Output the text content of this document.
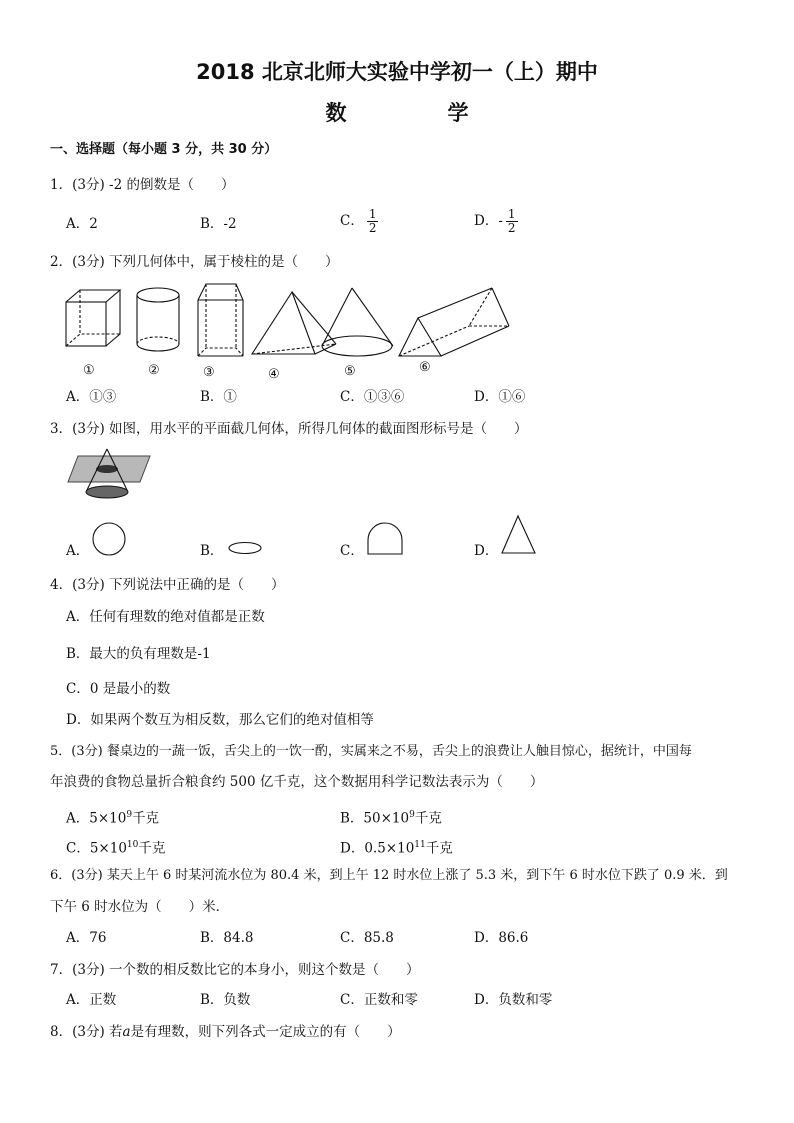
2018 北京北师大实验中学初一（上）期中
数　学
一、选择题（每小题 3 分，共 30 分）
1．(3分) -2 的倒数是（　　）
A．2	B．-2	C． $\frac{1}{2}$	D．- $\frac{1}{2}$
2．(3分) 下列几何体中，属于棱柱的是（　　）
①	②	③	④	⑤	⑥
A．①③	B．①	C．①③⑥	D．①⑥
3．(3分) 如图，用水平的平面截几何体，所得几何体的截面图形标号是（　　）
A．	B．	C．	D．
4．(3分) 下列说法中正确的是（　　）
A．任何有理数的绝对值都是正数
B．最大的负有理数是-1
C．0 是最小的数
D．如果两个数互为相反数，那么它们的绝对值相等
5．(3分) 餐桌边的一蔬一饭，舌尖上的一饮一酌，实属来之不易，舌尖上的浪费让人触目惊心，据统计，中国每
年浪费的食物总量折合粮食约 500 亿千克，这个数据用科学记数法表示为（　　）
A．$5\times 10^9$千克	B．$50\times 10^9$千克
C．$5\times 10^{10}$千克	D．$0.5\times 10^{11}$千克
6．(3分) 某天上午 6 时某河流水位为 80.4 米，到上午 12 时水位上涨了 5.3 米，到下午 6 时水位下跌了 0.9 米．到
下午 6 时水位为（　　）米．
A．76	B．84.8	C．85.8	D．86.6
7．(3分) 一个数的相反数比它的本身小，则这个数是（　　）
A．正数	B．负数	C．正数和零	D．负数和零
8．(3分) 若a是有理数，则下列各式一定成立的有（　　）
